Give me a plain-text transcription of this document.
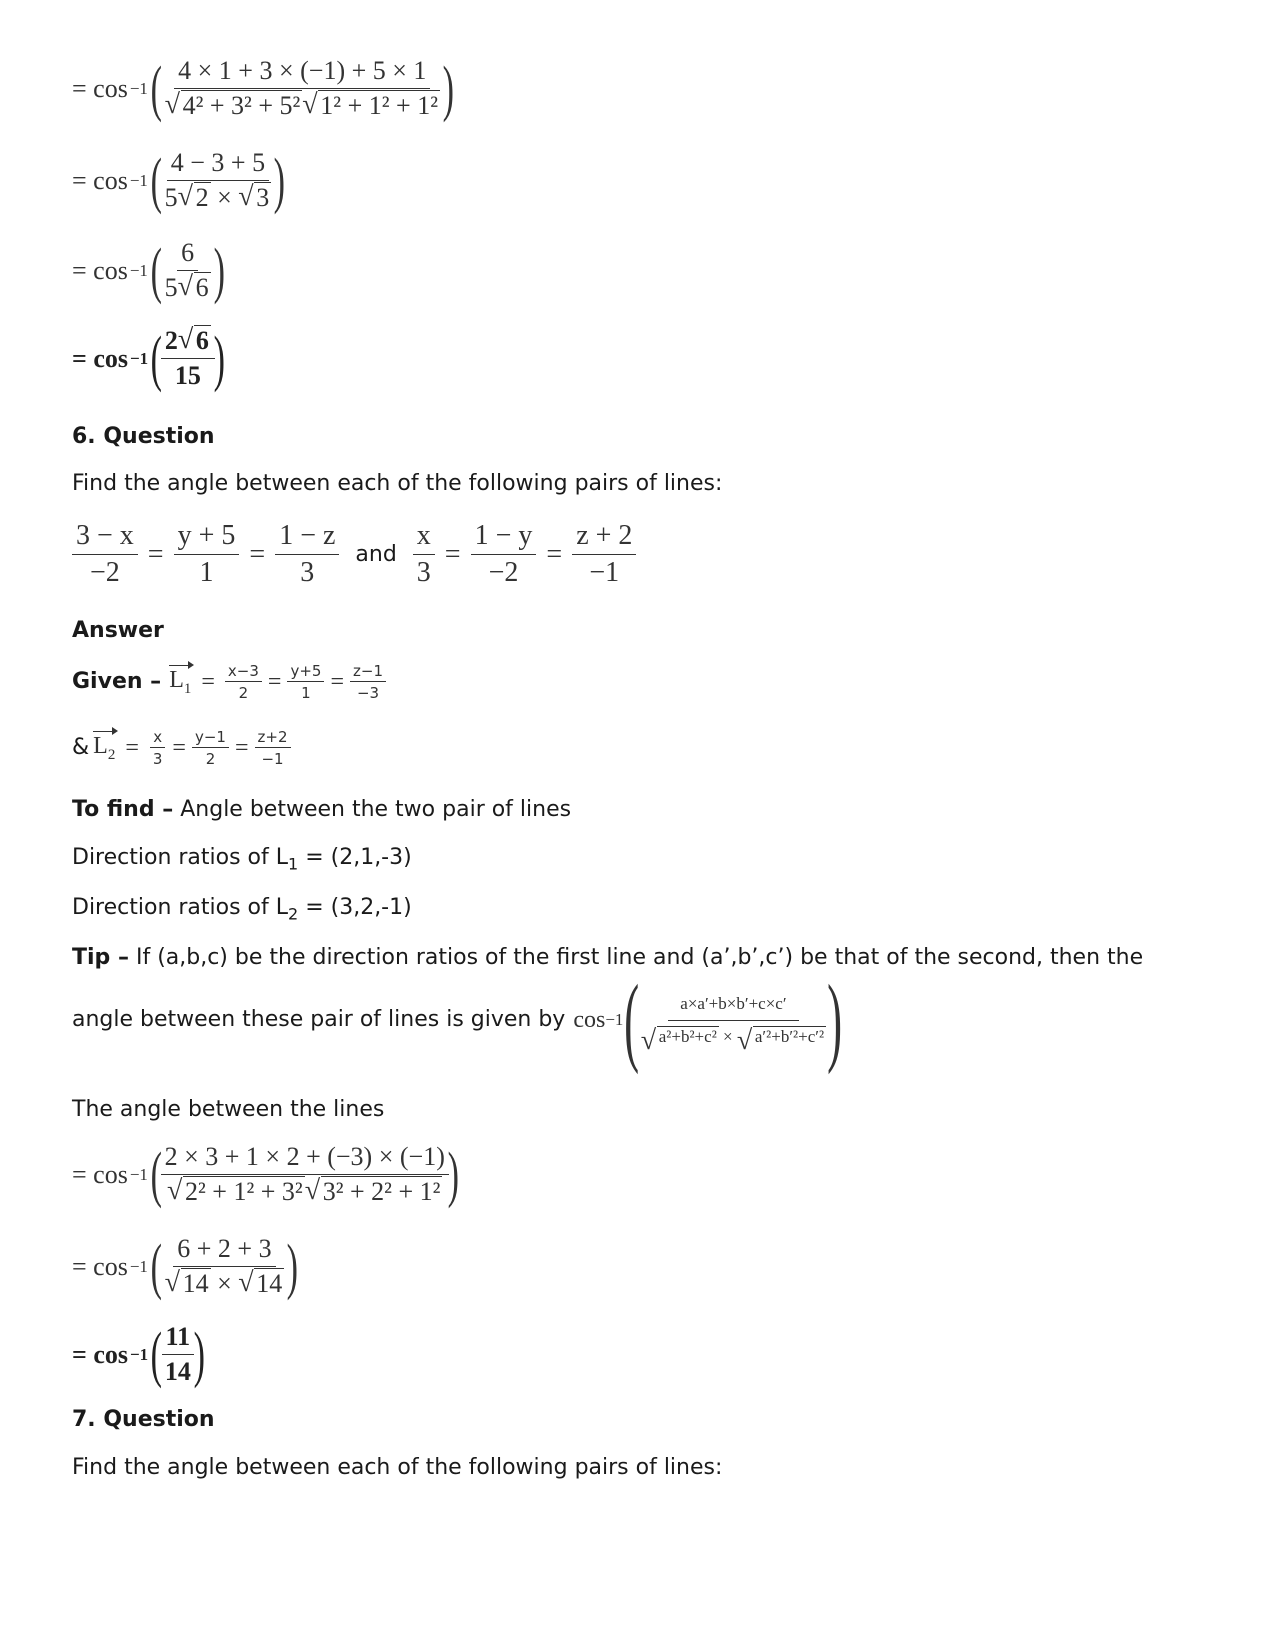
= cos −1 (
4 × 1 + 3 × (−1) + 5 × 1
√ 4² + 3² + 5² √ 1² + 1² + 1²
)
= cos −1 (
$\frac{4 - 3 + 5}{5 √ 2 \times √ 3}$
)
= cos −1 (
$\frac{6}{5 √ 6}$
)
= cos −1 (
$\frac{2 √ 6}{15}$
)
6. Question
Find the angle between each of the following pairs of lines:
$\frac{3 - x}{-2} = \frac{y + 5}{1} = \frac{1 - z}{3}$ and $\frac{x}{3} = \frac{1 - y}{-2} = \frac{z + 2}{-1}$
Answer
Given – $L_1 = \frac{x-3}{2} = \frac{y+5}{1} = \frac{z-1}{-3}$
& $L_2 = \frac{x}{3} = \frac{y-1}{2} = \frac{z+2}{-1}$
To find – Angle between the two pair of lines
Direction ratios of $L_1 = (2,1,-3)$
Direction ratios of $L_2 = (3,2,-1)$
Tip – If (a,b,c) be the direction ratios of the first line and (a’,b’,c’) be that of the second, then the
angle between these pair of lines is given by cos −1 (
a×a′+b×b′+c×c′
√ a²+b²+c² × √ a′²+b′²+c′²
)
The angle between the lines
= cos −1 (
2 × 3 + 1 × 2 + (−3) × (−1)
√ 2² + 1² + 3² √ 3² + 2² + 1²
)
= cos −1 (
6 + 2 + 3
√ 14 × √ 14
)
= cos −1 (
$\frac{11}{14}$
)
7. Question
Find the angle between each of the following pairs of lines:
